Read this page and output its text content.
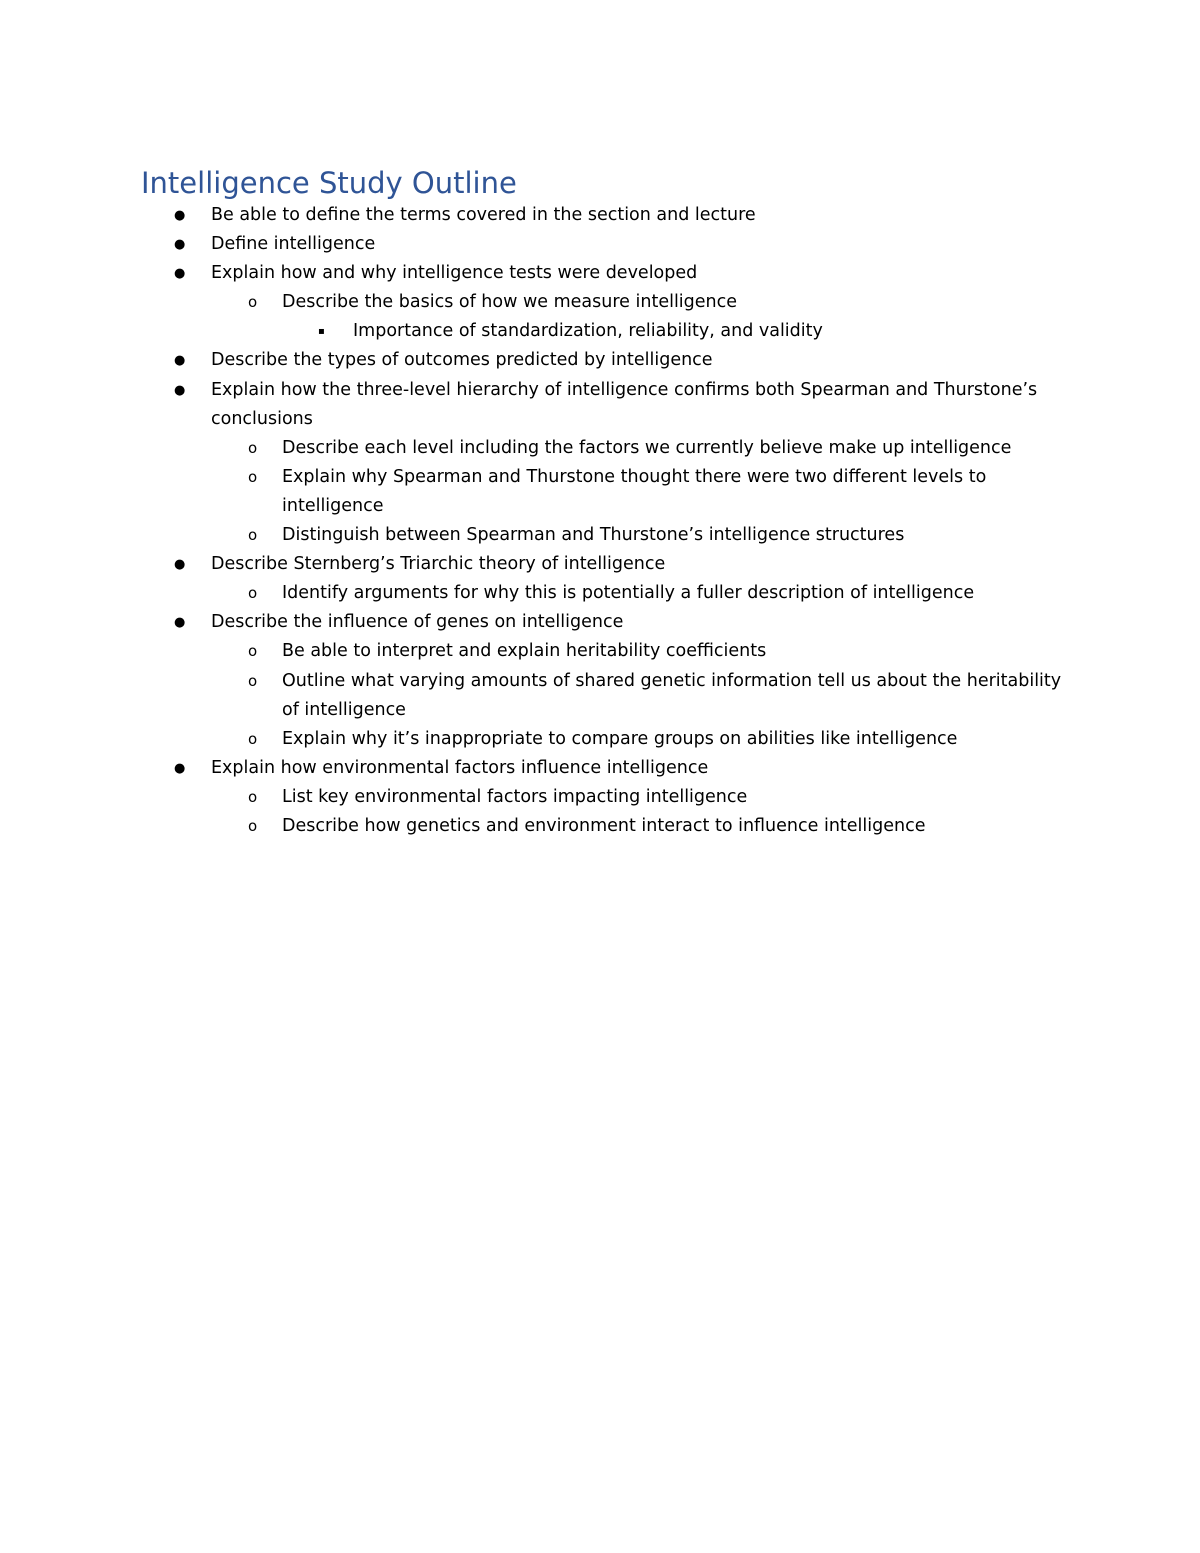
Intelligence Study Outline
● Be able to define the terms covered in the section and lecture
● Define intelligence
● Explain how and why intelligence tests were developed
o Describe the basics of how we measure intelligence
▪ Importance of standardization, reliability, and validity
● Describe the types of outcomes predicted by intelligence
● Explain how the three-level hierarchy of intelligence confirms both Spearman and Thurstone’s
conclusions
o Describe each level including the factors we currently believe make up intelligence
o Explain why Spearman and Thurstone thought there were two different levels to
intelligence
o Distinguish between Spearman and Thurstone’s intelligence structures
● Describe Sternberg’s Triarchic theory of intelligence
o Identify arguments for why this is potentially a fuller description of intelligence
● Describe the influence of genes on intelligence
o Be able to interpret and explain heritability coefficients
o Outline what varying amounts of shared genetic information tell us about the heritability
of intelligence
o Explain why it’s inappropriate to compare groups on abilities like intelligence
● Explain how environmental factors influence intelligence
o List key environmental factors impacting intelligence
o Describe how genetics and environment interact to influence intelligence
